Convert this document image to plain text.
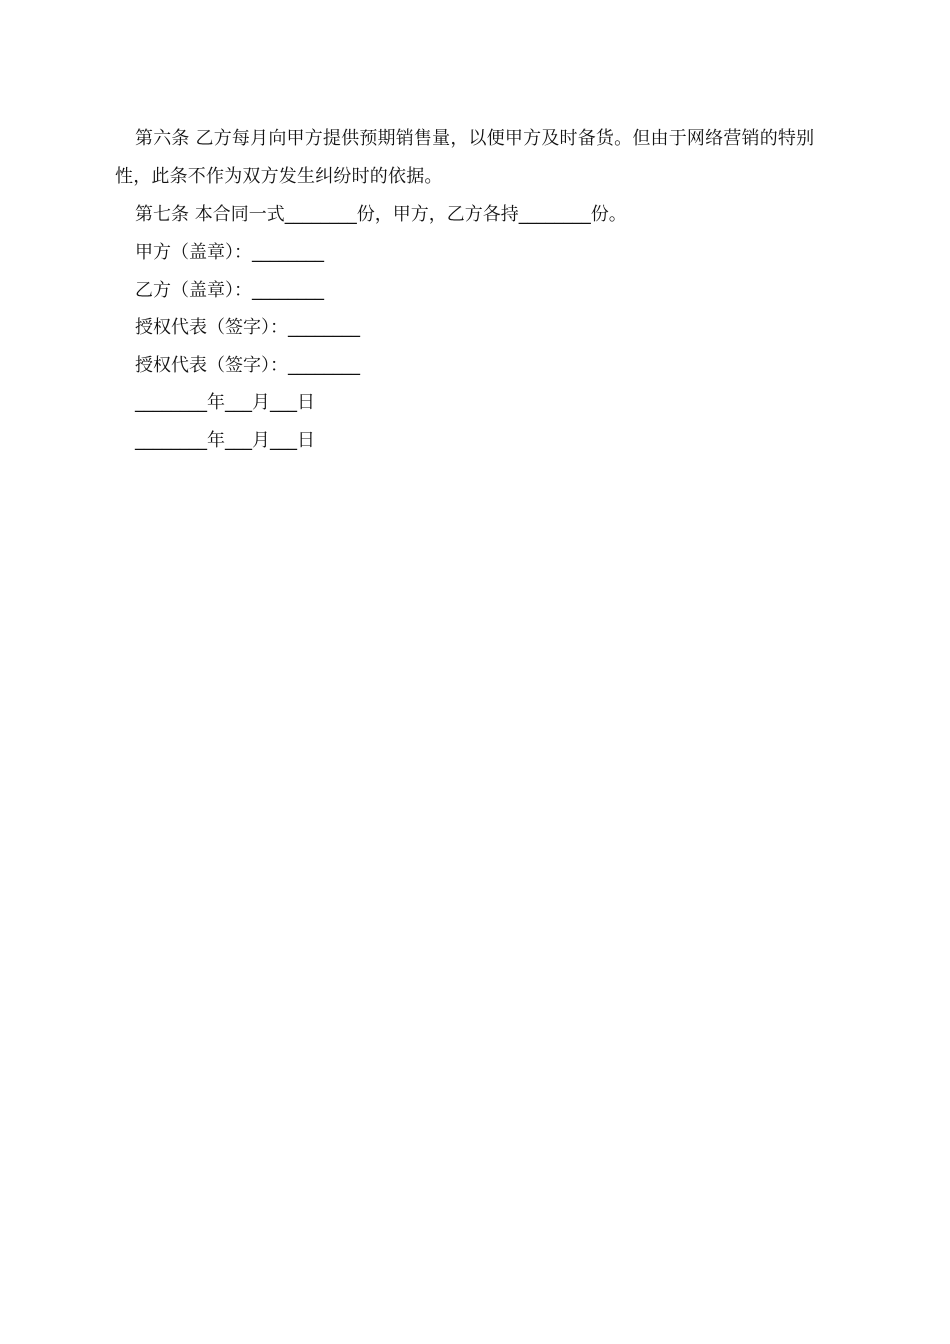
第六条 乙方每月向甲方提供预期销售量，以便甲方及时备货。但由于网络营销的特别性，此条不作为双方发生纠纷时的依据。

第七条 本合同一式________份，甲方，乙方各持________份。

甲方（盖章）：________

乙方（盖章）：________

授权代表（签字）：________

授权代表（签字）：________

________年___月___日

________年___月___日
